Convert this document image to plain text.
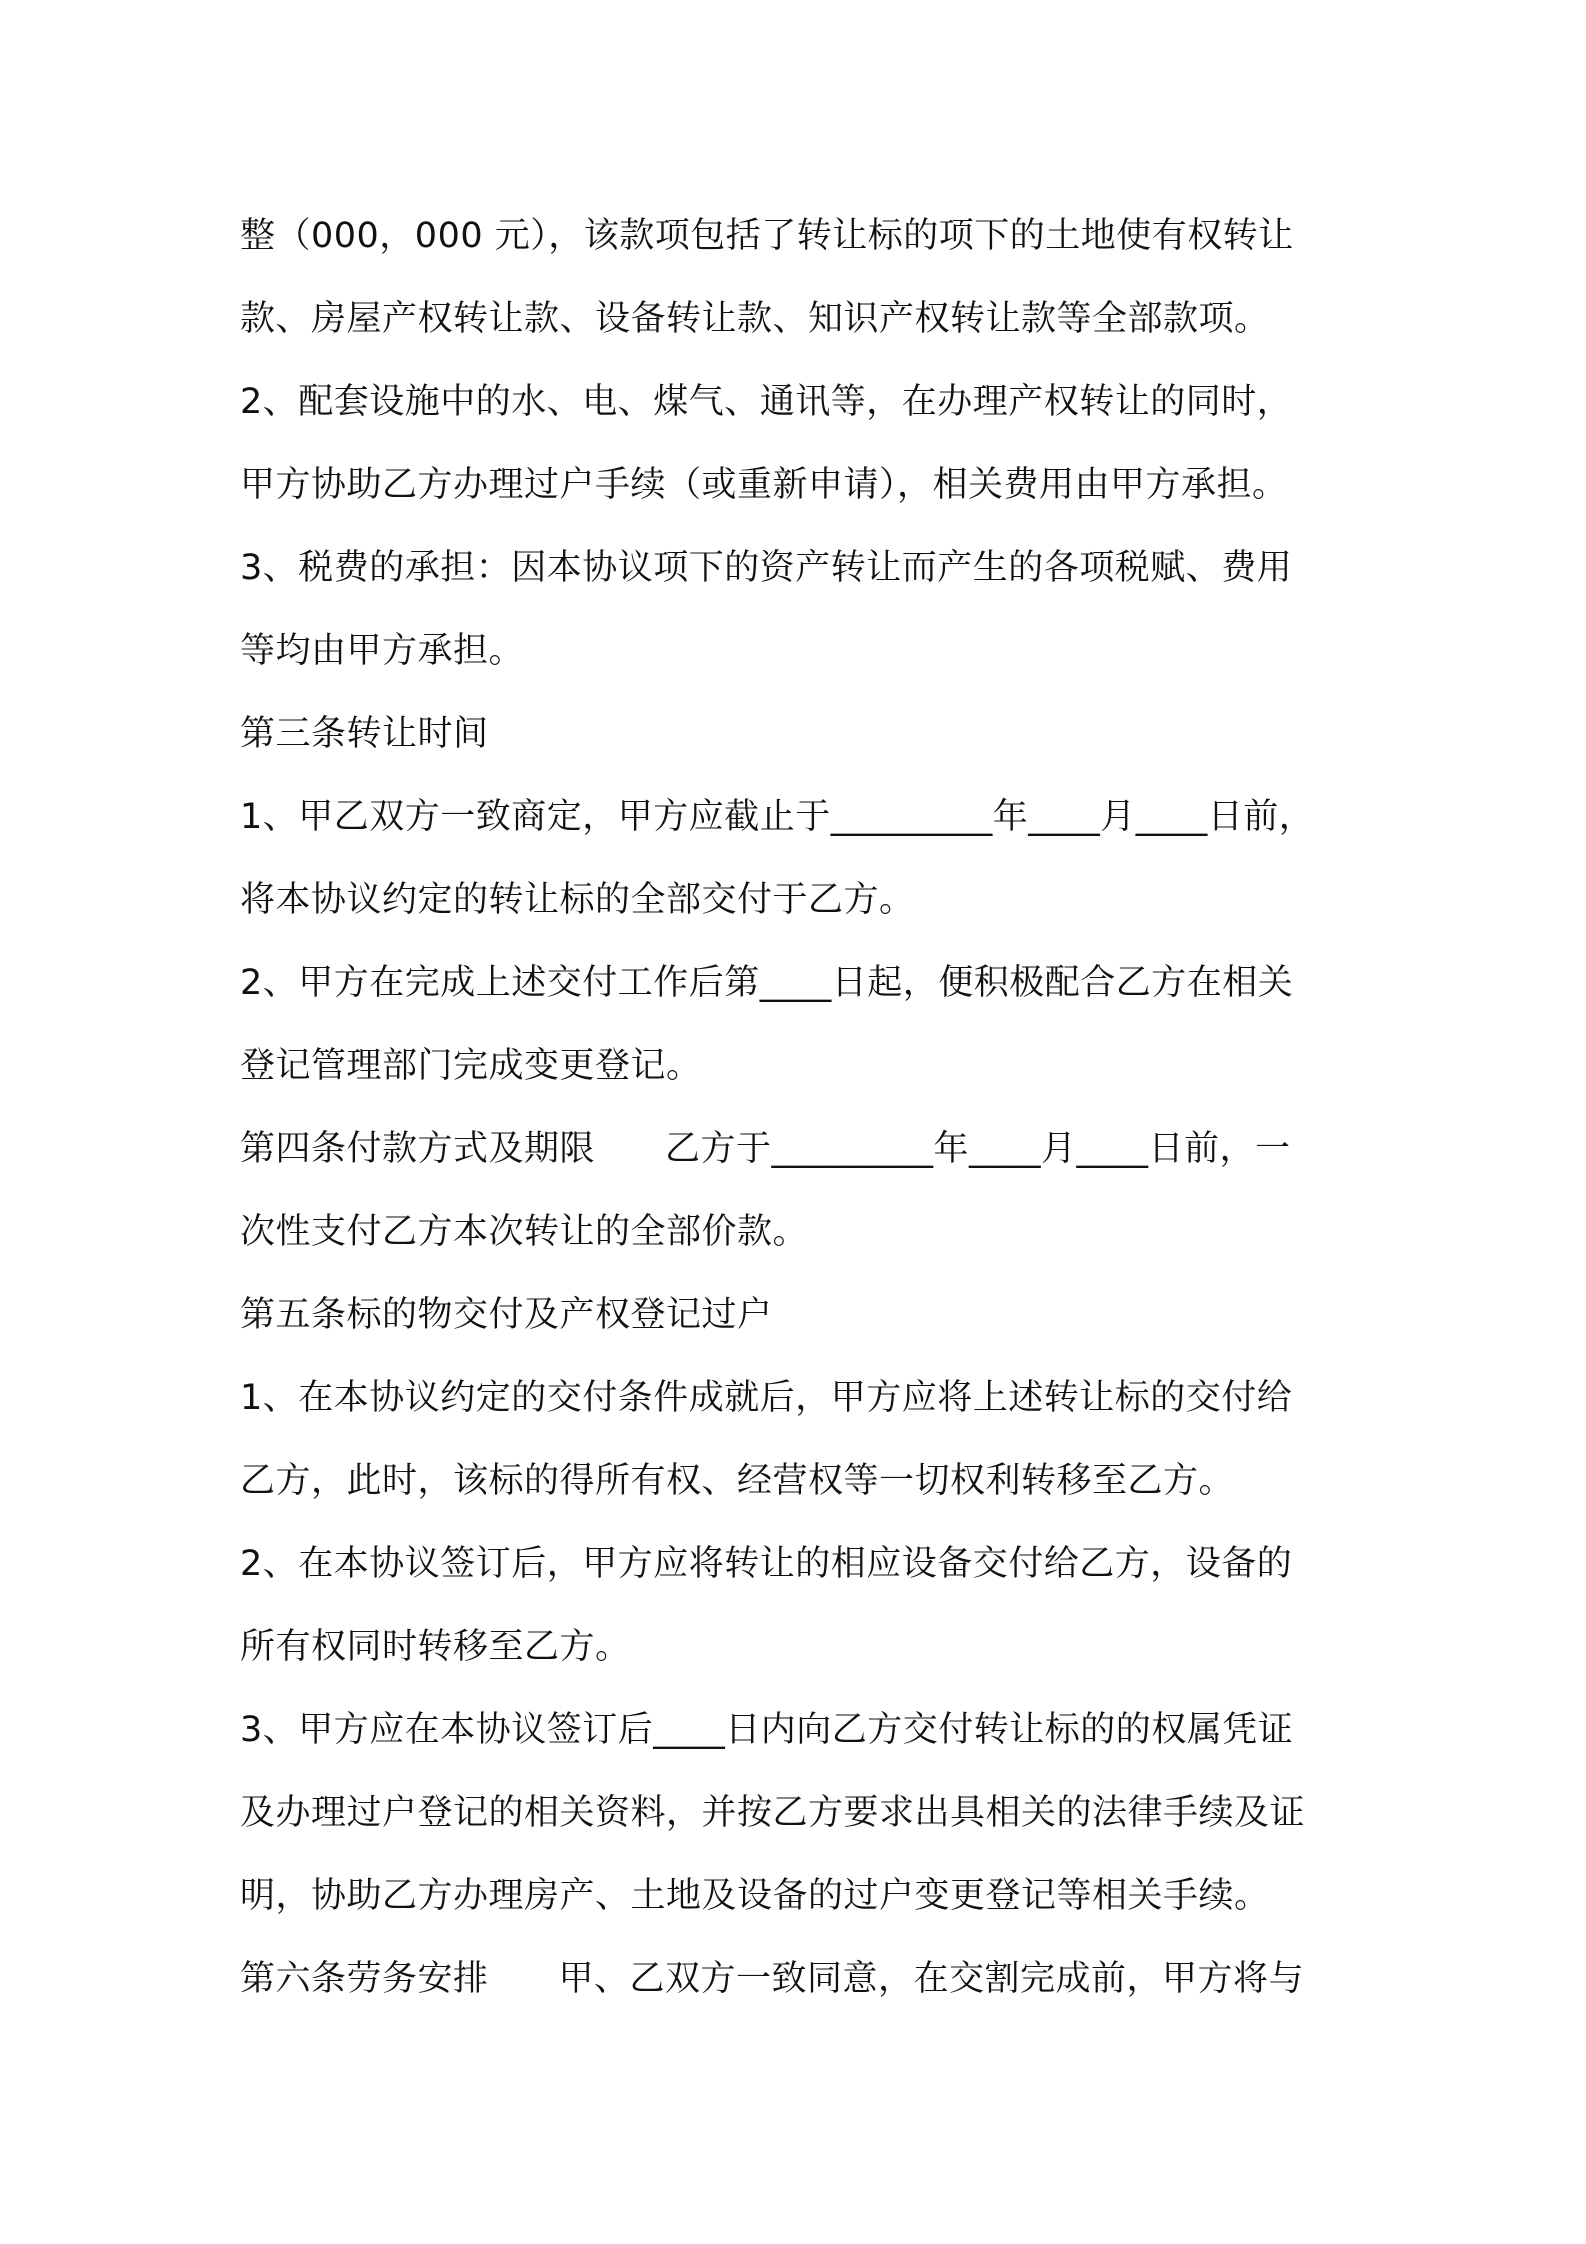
整（000，000 元），该款项包括了转让标的项下的土地使有权转让
款、房屋产权转让款、设备转让款、知识产权转让款等全部款项。
2、配套设施中的水、电、煤气、通讯等，在办理产权转让的同时，
甲方协助乙方办理过户手续（或重新申请），相关费用由甲方承担。
3、税费的承担：因本协议项下的资产转让而产生的各项税赋、费用
等均由甲方承担。
第三条转让时间
1、甲乙双方一致商定，甲方应截止于_________年____月____日前，
将本协议约定的转让标的全部交付于乙方。
2、甲方在完成上述交付工作后第____日起，便积极配合乙方在相关
登记管理部门完成变更登记。
第四条付款方式及期限 乙方于_________年____月____日前，一
次性支付乙方本次转让的全部价款。
第五条标的物交付及产权登记过户
1、在本协议约定的交付条件成就后，甲方应将上述转让标的交付给
乙方，此时，该标的得所有权、经营权等一切权利转移至乙方。
2、在本协议签订后，甲方应将转让的相应设备交付给乙方，设备的
所有权同时转移至乙方。
3、甲方应在本协议签订后____日内向乙方交付转让标的的权属凭证
及办理过户登记的相关资料，并按乙方要求出具相关的法律手续及证
明，协助乙方办理房产、土地及设备的过户变更登记等相关手续。
第六条劳务安排 甲、乙双方一致同意，在交割完成前，甲方将与
